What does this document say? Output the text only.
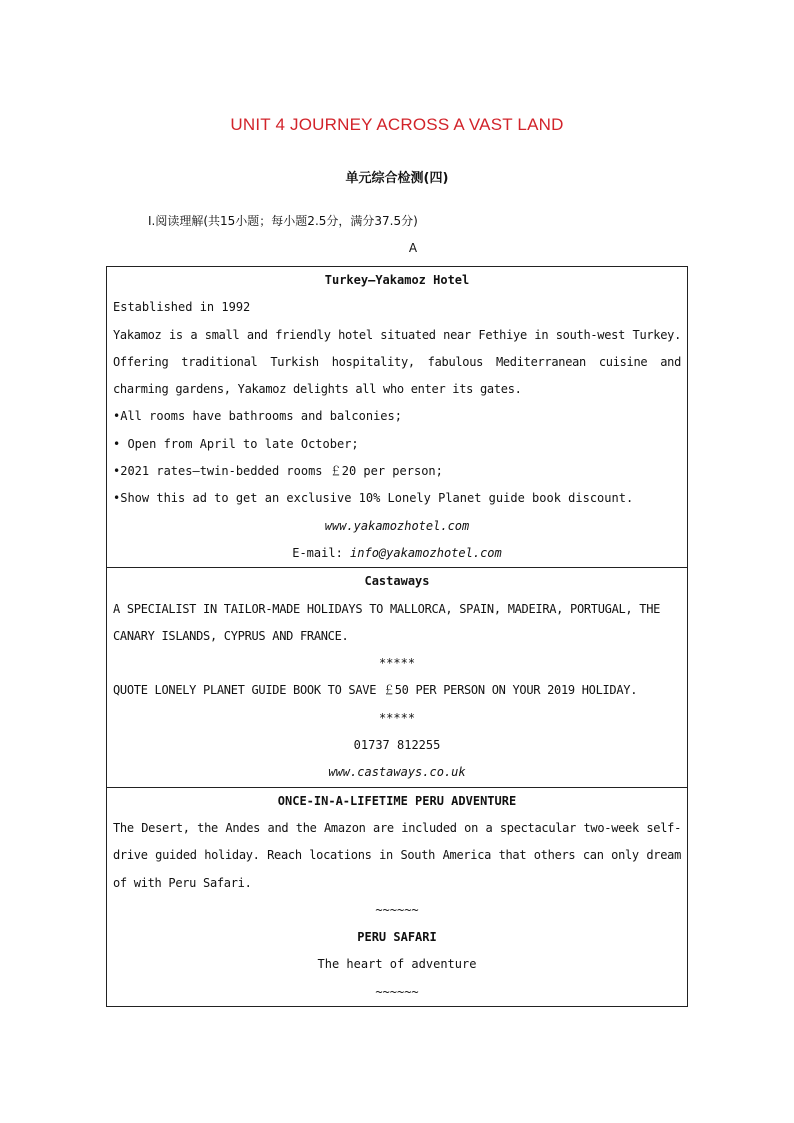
UNIT 4 JOURNEY ACROSS A VAST LAND
单元综合检测(四)
Ⅰ.阅读理解(共15小题；每小题2.5分，满分37.5分)
A
Turkey—Yakamoz Hotel
Established in 1992
Yakamoz is a small and friendly hotel situated near Fethiye in south-west Turkey. Offering traditional Turkish hospitality, fabulous Mediterranean cuisine and charming gardens, Yakamoz delights all who enter its gates.
•All rooms have bathrooms and balconies;
• Open from April to late October;
•2021 rates—twin-bedded rooms ￡20 per person;
•Show this ad to get an exclusive 10% Lonely Planet guide book discount.
www.yakamozhotel.com
E-mail: info@yakamozhotel.com

Castaways
A SPECIALIST IN TAILOR-MADE HOLIDAYS TO MALLORCA, SPAIN, MADEIRA, PORTUGAL, THE CANARY ISLANDS, CYPRUS AND FRANCE.
*****
QUOTE LONELY PLANET GUIDE BOOK TO SAVE ￡50 PER PERSON ON YOUR 2019 HOLIDAY.
*****
01737 812255
www.castaways.co.uk

ONCE-IN-A-LIFETIME PERU ADVENTURE
The Desert, the Andes and the Amazon are included on a spectacular two-week self-drive guided holiday. Reach locations in South America that others can only dream of with Peru Safari.
~~~~~~
PERU SAFARI
The heart of adventure
~~~~~~
